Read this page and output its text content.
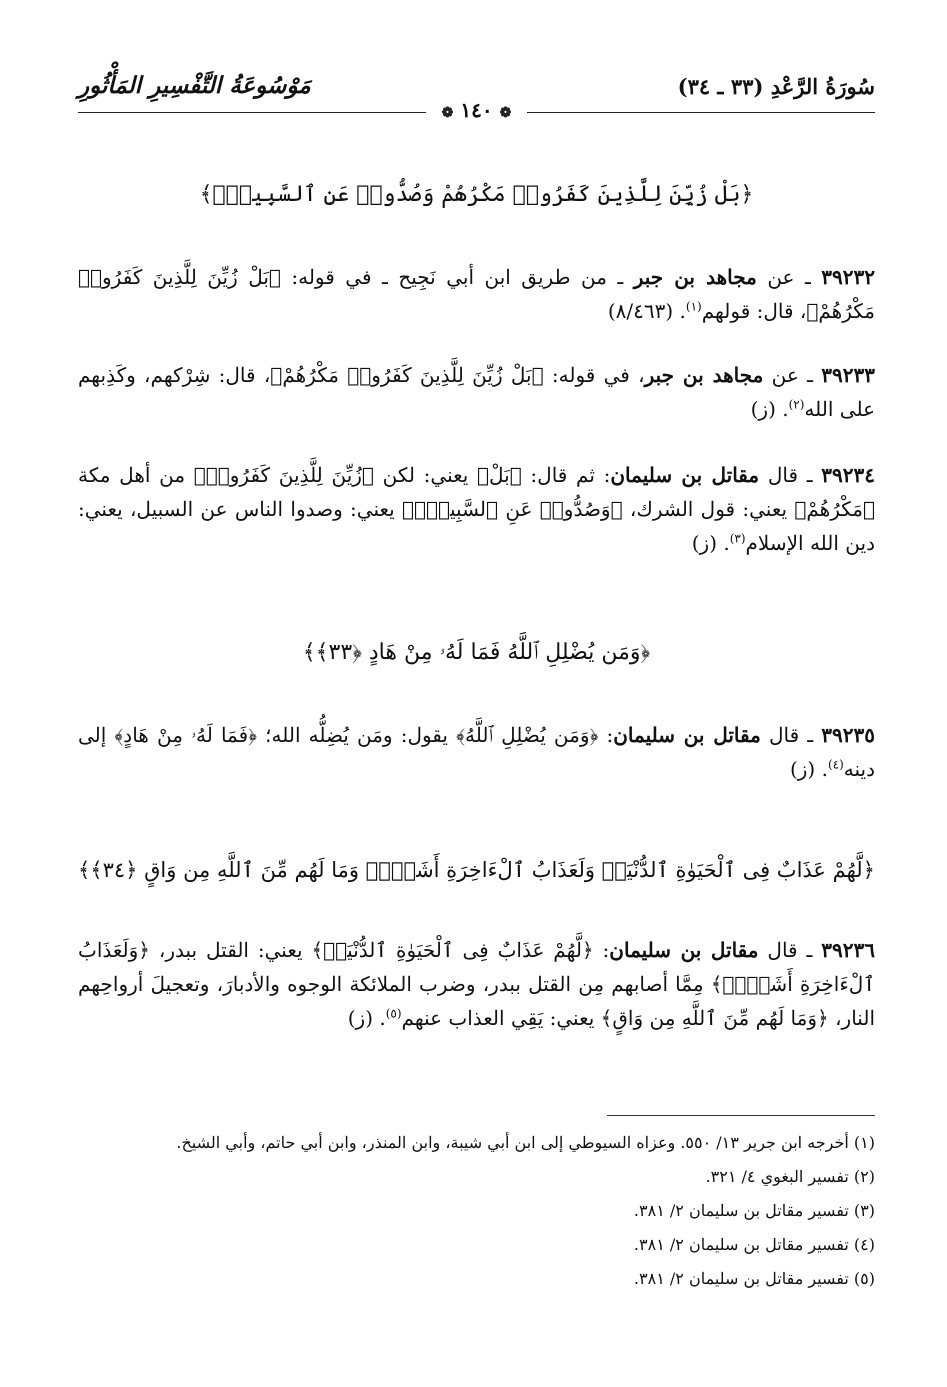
سُورَةُ الرَّعْدِ (٣٣ ـ ٣٤)
مَوْسُوعَةُ التَّفْسِيرِ المَأْثُورِ
❁ ١٤٠ ❁
﴿بَلْ زُيِّنَ لِلَّذِينَ كَفَرُوا۟ مَكْرُهُمْ وَصُدُّوا۟ عَنِ ٱلسَّبِيلِۗ﴾
٣٩٢٣٢ ـ عن مجاهد بن جبر ـ من طريق ابن أبي نَجِيح ـ في قوله: ﴿بَلْ زُيِّنَ لِلَّذِينَ كَفَرُوا۟ مَكْرُهُمْ﴾، قال: قولهم$^{(١)}$. (٨/٤٦٣)
٣٩٢٣٣ ـ عن مجاهد بن جبر، في قوله: ﴿بَلْ زُيِّنَ لِلَّذِينَ كَفَرُوا۟ مَكْرُهُمْ﴾، قال: شِرْكهم، وكَذِبهم على الله$^{(٢)}$. (ز)
٣٩٢٣٤ ـ قال مقاتل بن سليمان: ثم قال: ﴿بَلْ﴾ يعني: لكن ﴿زُيِّنَ لِلَّذِينَ كَفَرُوا۟﴾ من أهل مكة ﴿مَكْرُهُمْ﴾ يعني: قول الشرك، ﴿وَصُدُّوا۟ عَنِ ٱلسَّبِيلِۗ﴾ يعني: وصدوا الناس عن السبيل، يعني: دين الله الإسلام$^{(٣)}$. (ز)
﴿وَمَن يُضْلِلِ ٱللَّهُ فَمَا لَهُۥ مِنْ هَادٍ ﴿٣٣﴾﴾
٣٩٢٣٥ ـ قال مقاتل بن سليمان: ﴿وَمَن يُضْلِلِ ٱللَّهُ﴾ يقول: ومَن يُضِلُّه الله؛ ﴿فَمَا لَهُۥ مِنْ هَادٍ﴾ إلى دينه$^{(٤)}$. (ز)
﴿لَّهُمْ عَذَابٌ فِى ٱلْحَيَوٰةِ ٱلدُّنْيَاۖ وَلَعَذَابُ ٱلْءَاخِرَةِ أَشَقُّۖ وَمَا لَهُم مِّنَ ٱللَّهِ مِن وَاقٍ ﴿٣٤﴾﴾
٣٩٢٣٦ ـ قال مقاتل بن سليمان: ﴿لَّهُمْ عَذَابٌ فِى ٱلْحَيَوٰةِ ٱلدُّنْيَاۖ﴾ يعني: القتل ببدر، ﴿وَلَعَذَابُ ٱلْءَاخِرَةِ أَشَقُّۖ﴾ مِمَّا أصابهم مِن القتل ببدر، وضرب الملائكة الوجوه والأدبارَ، وتعجيلَ أرواحِهم النار، ﴿وَمَا لَهُم مِّنَ ٱللَّهِ مِن وَاقٍ﴾ يعني: يَقِي العذاب عنهم$^{(٥)}$. (ز)
(١) أخرجه ابن جرير ١٣/ ٥٥٠. وعزاه السيوطي إلى ابن أبي شيبة، وابن المنذر، وابن أبي حاتم، وأبي الشيخ.
(٢) تفسير البغوي ٤/ ٣٢١.
(٣) تفسير مقاتل بن سليمان ٢/ ٣٨١.
(٤) تفسير مقاتل بن سليمان ٢/ ٣٨١.
(٥) تفسير مقاتل بن سليمان ٢/ ٣٨١.
